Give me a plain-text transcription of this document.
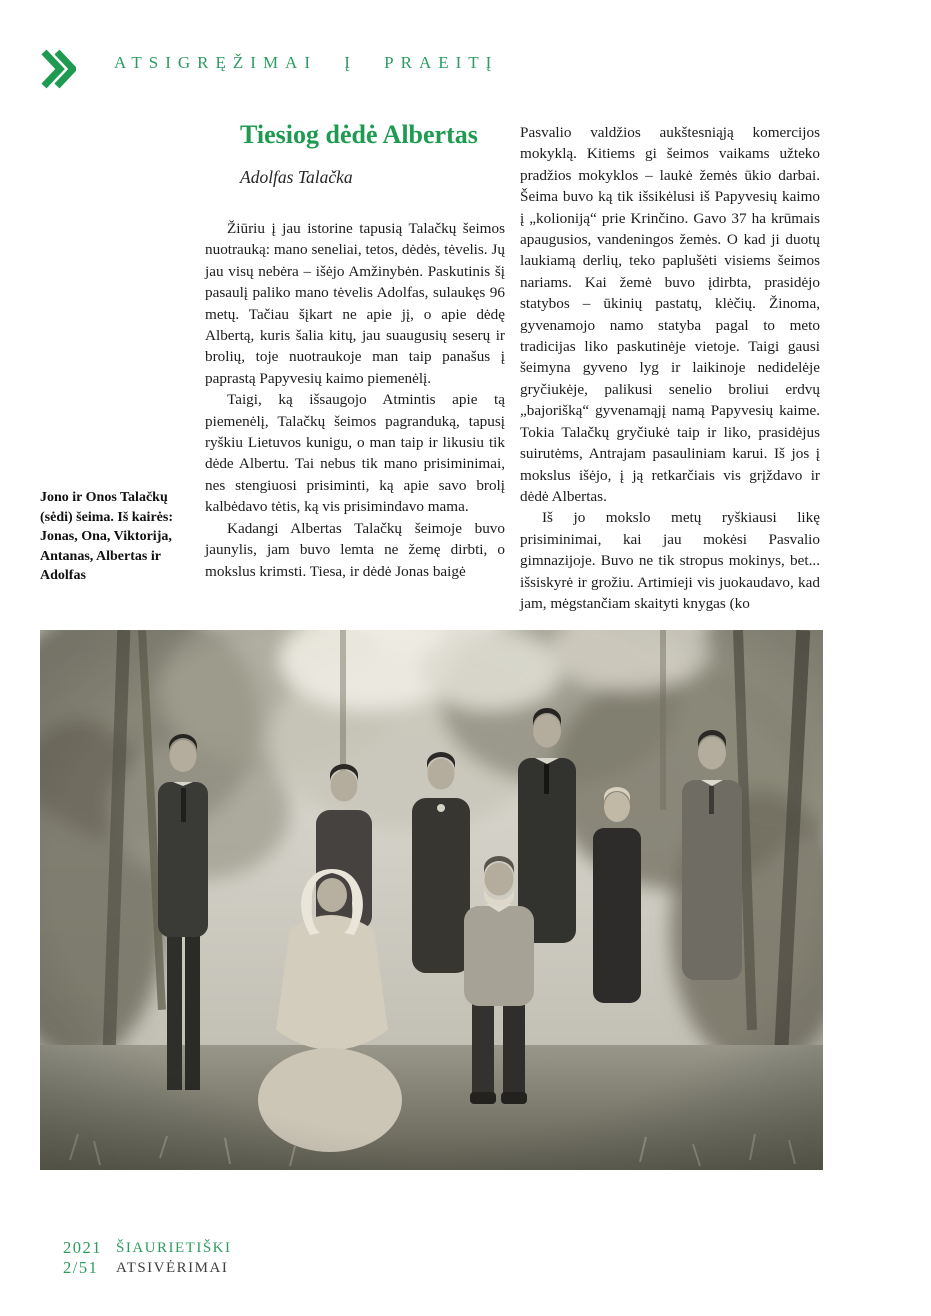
ATSIGRĘŽIMAI Į PRAEITĮ
Jono ir Onos Talačkų (sėdi) šeima. Iš kairės: Jonas, Ona, Viktorija, Antanas, Albertas ir Adolfas
Tiesiog dėdė Albertas
Adolfas Talačka

Žiūriu į jau istorine tapusią Talačkų šeimos nuotrauką: mano seneliai, tetos, dėdės, tėvelis. Jų jau visų nebėra – išėjo Amžinybėn. Paskutinis šį pasaulį paliko mano tėvelis Adolfas, sulaukęs 96 metų. Tačiau šįkart ne apie jį, o apie dėdę Albertą, kuris šalia kitų, jau suaugusių seserų ir brolių, toje nuotraukoje man taip panašus į paprastą Papyvesių kaimo piemenėlį.

Taigi, ką išsaugojo Atmintis apie tą piemenėlį, Talačkų šeimos pagranduką, tapusį ryškiu Lietuvos kunigu, o man taip ir likusiu tik dėde Albertu. Tai nebus tik mano prisiminimai, nes stengiuosi prisiminti, ką apie savo brolį kalbėdavo tėtis, ką vis prisimindavo mama.

Kadangi Albertas Talačkų šeimoje buvo jaunylis, jam buvo lemta ne žemę dirbti, o mokslus krimsti. Tiesa, ir dėdė Jonas baigė

Pasvalio valdžios aukštesniąją komercijos mokyklą. Kitiems gi šeimos vaikams užteko pradžios mokyklos – laukė žemės ūkio darbai. Šeima buvo ką tik išsikėlusi iš Papyvesių kaimo į „kolioniją“ prie Krinčino. Gavo 37 ha krūmais apaugusios, vandeningos žemės. O kad ji duotų laukiamą derlių, teko paplušėti visiems šeimos nariams. Kai žemė buvo įdirbta, prasidėjo statybos – ūkinių pastatų, klėčių. Žinoma, gyvenamojo namo statyba pagal to meto tradicijas liko paskutinėje vietoje. Taigi gausi šeimyna gyveno lyg ir laikinoje nedidelėje gryčiukėje, palikusi senelio broliui erdvų „bajorišką“ gyvenamąjį namą Papyvesių kaime. Tokia Talačkų gryčiukė taip ir liko, prasidėjus suirutėms, Antrajam pasauliniam karui. Iš jos į mokslus išėjo, į ją retkarčiais vis grįždavo ir dėdė Albertas.

Iš jo mokslo metų ryškiausi likę prisiminimai, kai jau mokėsi Pasvalio gimnazijoje. Buvo ne tik stropus mokinys, bet... išsiskyrė ir grožiu. Artimieji vis juokaudavo, kad jam, mėgstančiam skaityti knygas (ko

2021
2/51
ŠIAURIETIŠKI
ATSIVĖRIMAI
